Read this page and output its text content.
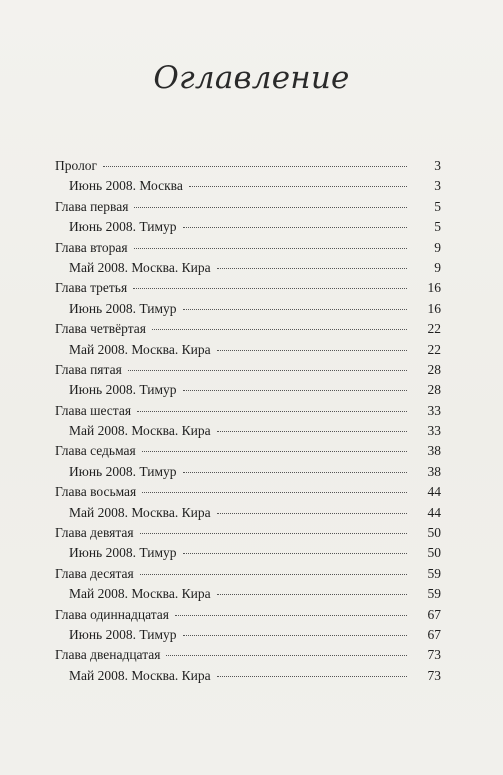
Оглавление
Пролог	3
Июнь 2008. Москва	3
Глава первая	5
Июнь 2008. Тимур	5
Глава вторая	9
Май 2008. Москва. Кира	9
Глава третья	16
Июнь 2008. Тимур	16
Глава четвёртая	22
Май 2008. Москва. Кира	22
Глава пятая	28
Июнь 2008. Тимур	28
Глава шестая	33
Май 2008. Москва. Кира	33
Глава седьмая	38
Июнь 2008. Тимур	38
Глава восьмая	44
Май 2008. Москва. Кира	44
Глава девятая	50
Июнь 2008. Тимур	50
Глава десятая	59
Май 2008. Москва. Кира	59
Глава одиннадцатая	67
Июнь 2008. Тимур	67
Глава двенадцатая	73
Май 2008. Москва. Кира	73
